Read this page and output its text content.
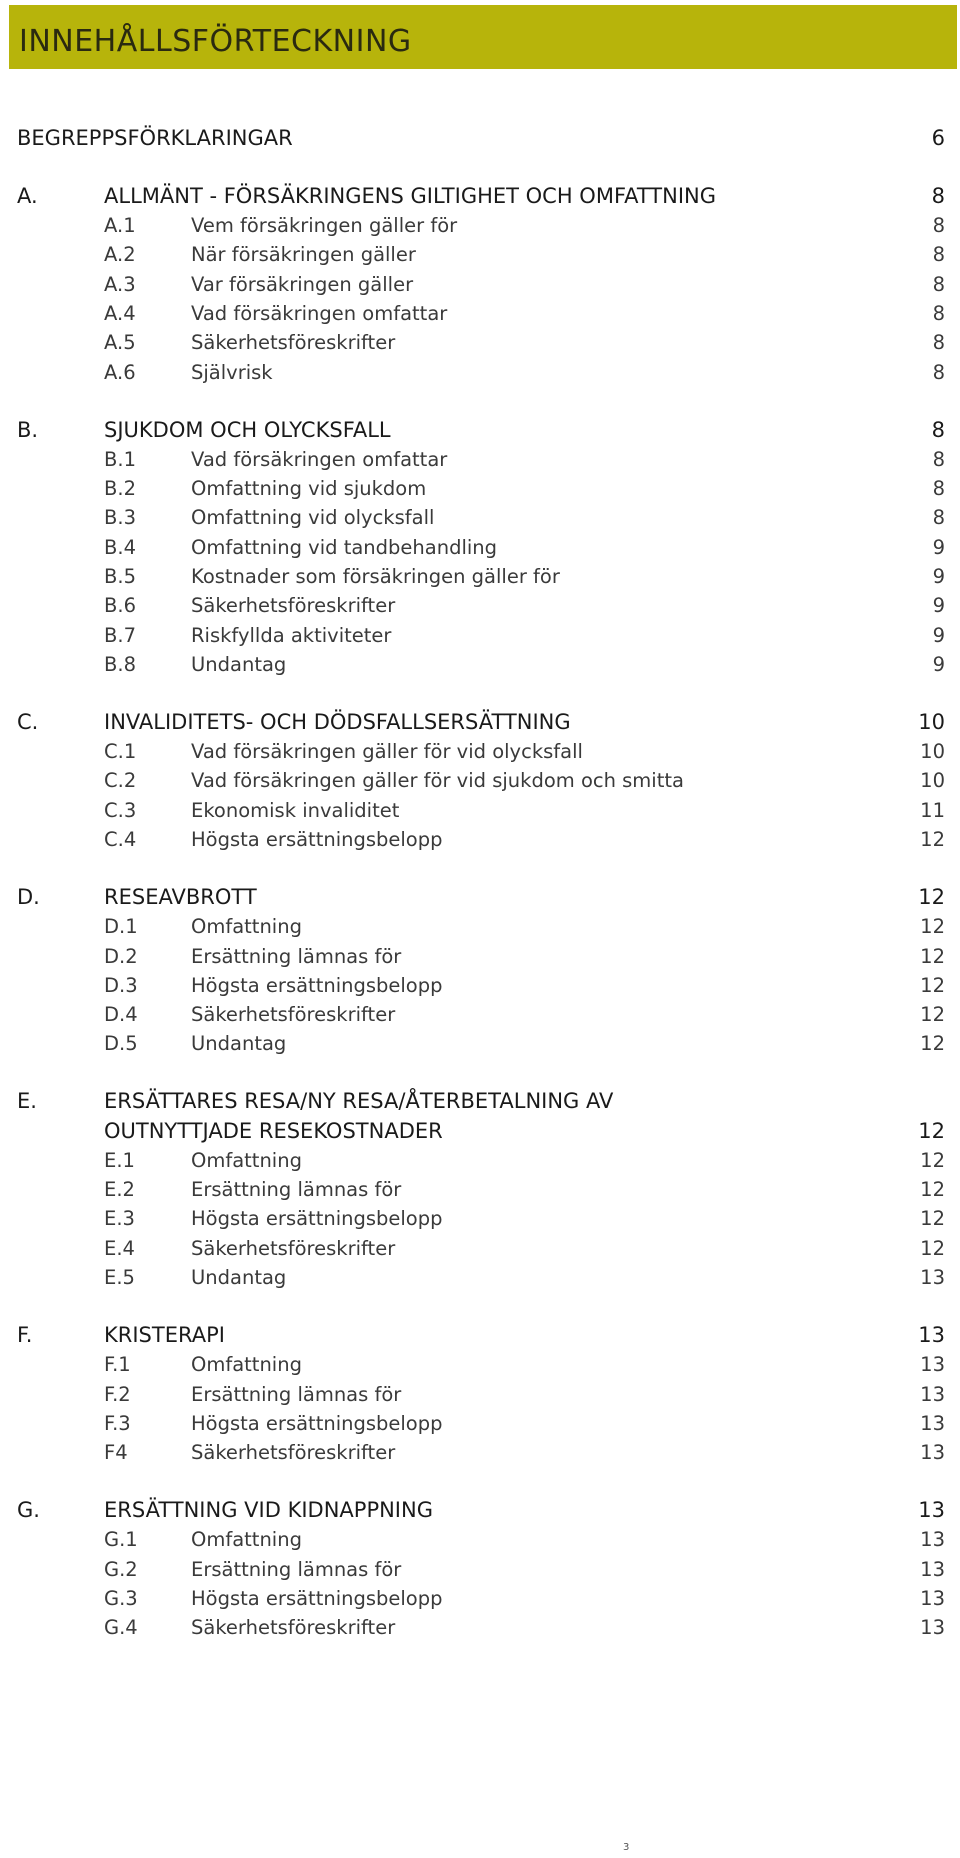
INNEHÅLLSFÖRTECKNING
BEGREPPSFÖRKLARINGAR	6
A.	ALLMÄNT - FÖRSÄKRINGENS GILTIGHET OCH OMFATTNING	8
A.1	Vem försäkringen gäller för	8
A.2	När försäkringen gäller	8
A.3	Var försäkringen gäller	8
A.4	Vad försäkringen omfattar	8
A.5	Säkerhetsföreskrifter	8
A.6	Självrisk	8
B.	SJUKDOM OCH OLYCKSFALL	8
B.1	Vad försäkringen omfattar	8
B.2	Omfattning vid sjukdom	8
B.3	Omfattning vid olycksfall	8
B.4	Omfattning vid tandbehandling	9
B.5	Kostnader som försäkringen gäller för	9
B.6	Säkerhetsföreskrifter	9
B.7	Riskfyllda aktiviteter	9
B.8	Undantag	9
C.	INVALIDITETS- OCH DÖDSFALLSERSÄTTNING	10
C.1	Vad försäkringen gäller för vid olycksfall	10
C.2	Vad försäkringen gäller för vid sjukdom och smitta	10
C.3	Ekonomisk invaliditet	11
C.4	Högsta ersättningsbelopp	12
D.	RESEAVBROTT	12
D.1	Omfattning	12
D.2	Ersättning lämnas för	12
D.3	Högsta ersättningsbelopp	12
D.4	Säkerhetsföreskrifter	12
D.5	Undantag	12
E.	ERSÄTTARES RESA/NY RESA/ÅTERBETALNING AV
OUTNYTTJADE RESEKOSTNADER	12
E.1	Omfattning	12
E.2	Ersättning lämnas för	12
E.3	Högsta ersättningsbelopp	12
E.4	Säkerhetsföreskrifter	12
E.5	Undantag	13
F.	KRISTERAPI	13
F.1	Omfattning	13
F.2	Ersättning lämnas för	13
F.3	Högsta ersättningsbelopp	13
F4	Säkerhetsföreskrifter	13
G.	ERSÄTTNING VID KIDNAPPNING	13
G.1	Omfattning	13
G.2	Ersättning lämnas för	13
G.3	Högsta ersättningsbelopp	13
G.4	Säkerhetsföreskrifter	13
3
